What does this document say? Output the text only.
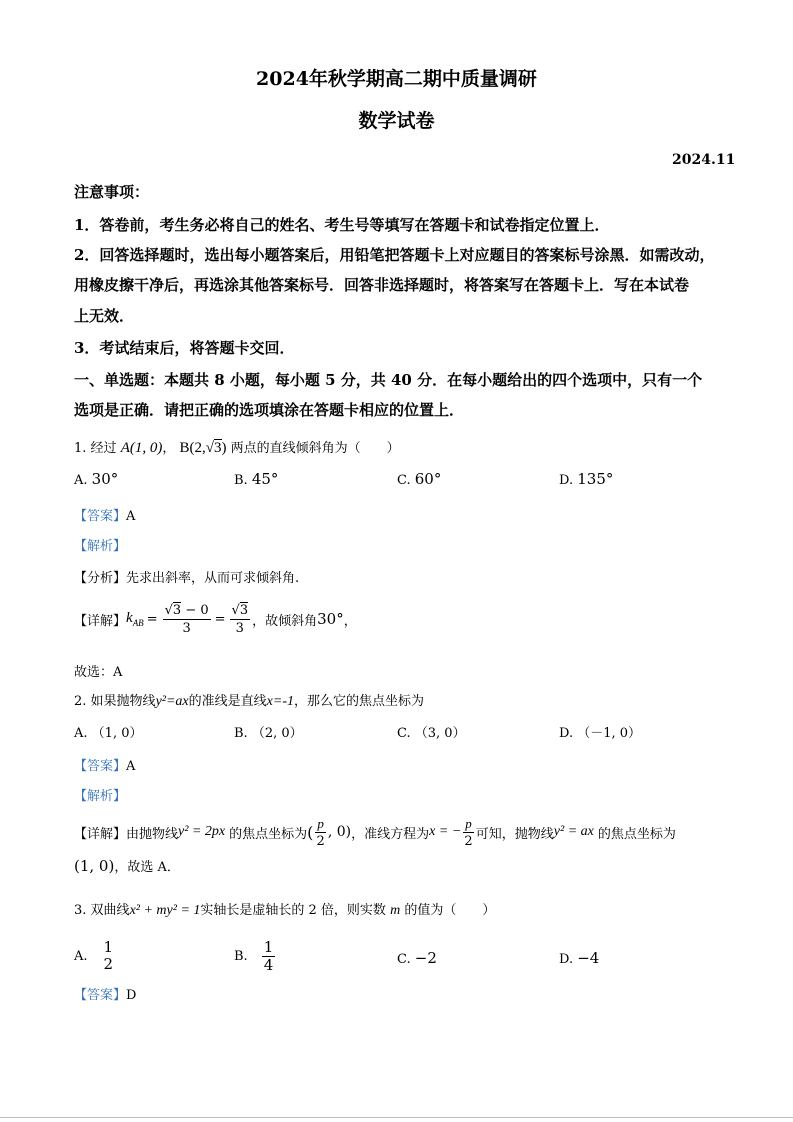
2024年秋学期高二期中质量调研
数学试卷
2024.11
注意事项：
1．答卷前，考生务必将自己的姓名、考生号等填写在答题卡和试卷指定位置上．
2．回答选择题时，选出每小题答案后，用铅笔把答题卡上对应题目的答案标号涂黑．如需改动，
用橡皮擦干净后，再选涂其他答案标号．回答非选择题时，将答案写在答题卡上．写在本试卷
上无效．
3．考试结束后，将答题卡交回．
一、单选题：本题共 8 小题，每小题 5 分，共 40 分．在每小题给出的四个选项中，只有一个
选项是正确．请把正确的选项填涂在答题卡相应的位置上．
1. 经过 A(1, 0)， B(2,√3) 两点的直线倾斜角为（　　）
A. 30°	B. 45°	C. 60°	D. 135°
【答案】A
【解析】
【分析】先求出斜率，从而可求倾斜角.
【详解】 $k_{AB} = \frac{√3 - 0}{3} = \frac{√3}{3}$ ，故倾斜角 30° ，
故选：A
2. 如果抛物线y²=ax的准线是直线x=-1，那么它的焦点坐标为
A. （1, 0）	B. （2, 0）	C. （3, 0）	D. （－1, 0）
【答案】A
【解析】
【详解】 由抛物线 y² = 2px 的焦点坐标为 ( $\frac{p}{2}$ , 0) ，准线方程为 x = − $\frac{p}{2}$ 可知，抛物线 y² = ax 的焦点坐标为
(1, 0)，故选 A．
3. 双曲线x² + my² = 1实轴长是虚轴长的 2 倍，则实数 m 的值为（　　）
A. 1
2	B. $\frac{1}{4}$	C. −2	D. −4
【答案】D
